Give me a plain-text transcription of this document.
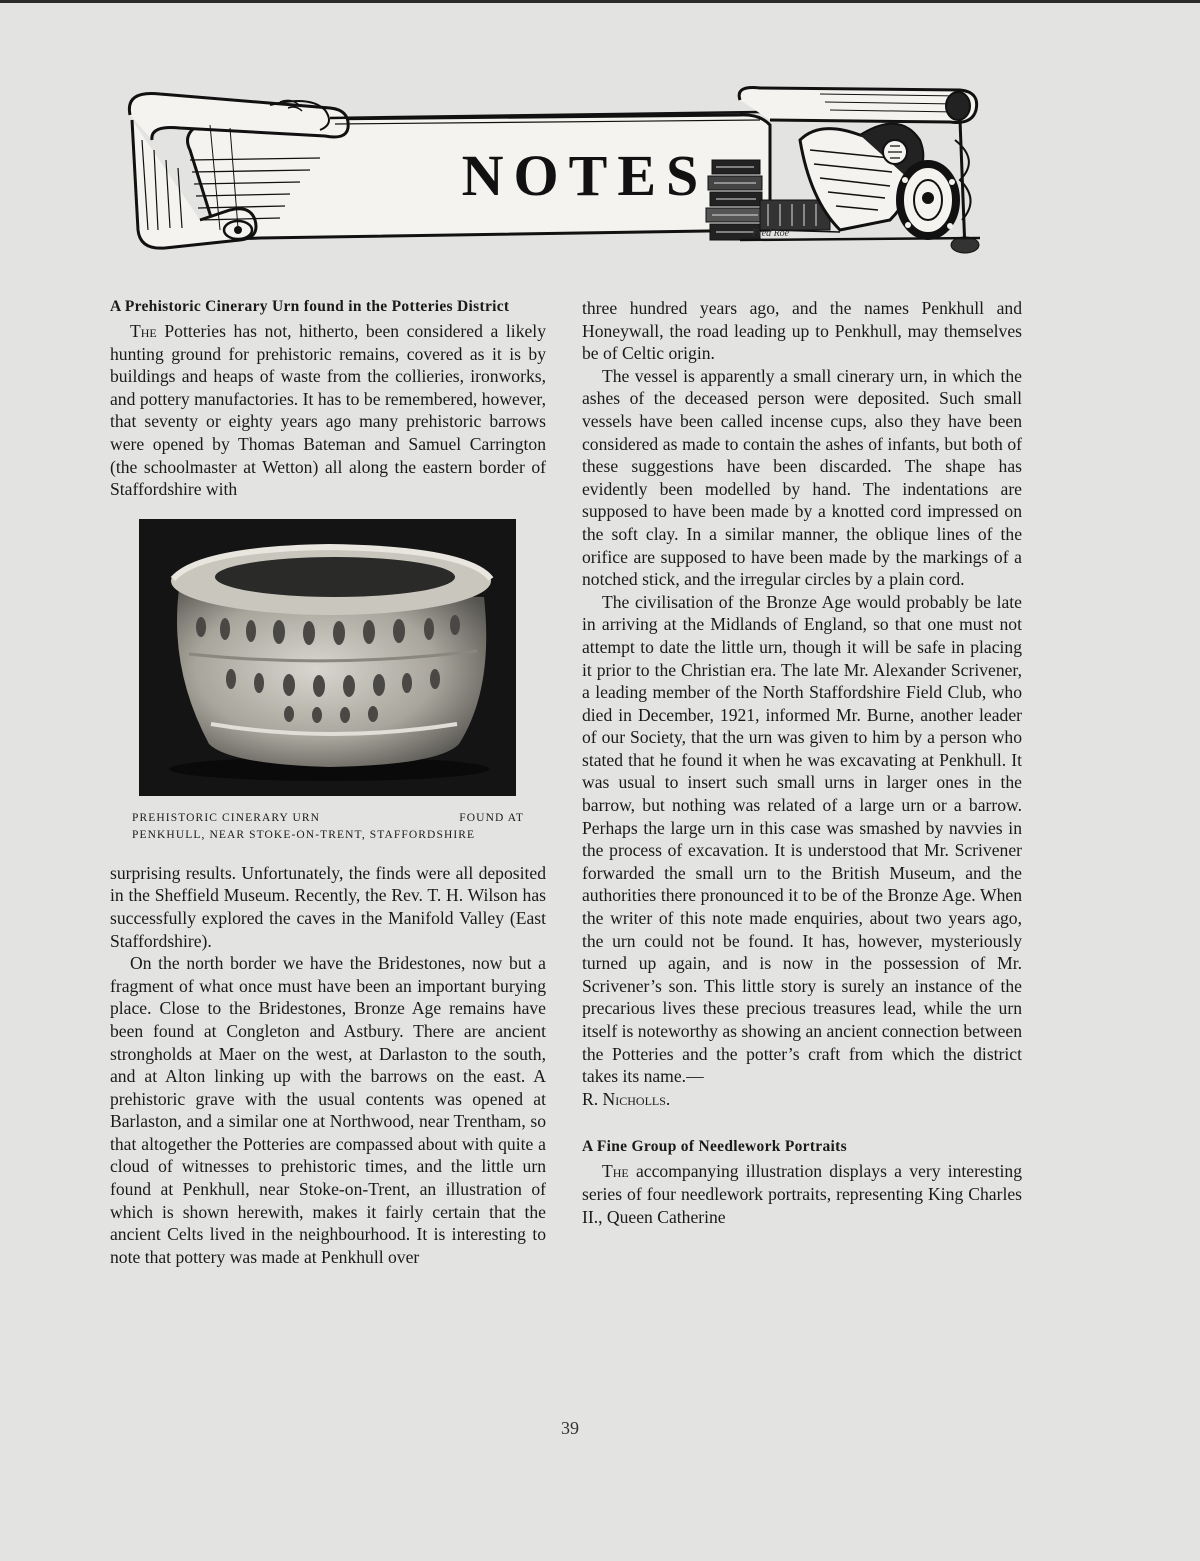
NOTES
Fred Roe
A Prehistoric Cinerary Urn found in the Potteries District

The Potteries has not, hitherto, been considered a likely hunting ground for prehistoric remains, covered as it is by buildings and heaps of waste from the collieries, ironworks, and pottery manufactories. It has to be remembered, however, that seventy or eighty years ago many prehistoric barrows were opened by Thomas Bateman and Samuel Carrington (the schoolmaster at Wetton) all along the eastern border of Staffordshire with

PREHISTORIC CINERARY URN	FOUND AT
PENKHULL, NEAR STOKE-ON-TRENT, STAFFORDSHIRE

surprising results. Unfortunately, the finds were all deposited in the Sheffield Museum. Recently, the Rev. T. H. Wilson has successfully explored the caves in the Manifold Valley (East Staffordshire).

On the north border we have the Bridestones, now but a fragment of what once must have been an important burying place. Close to the Bridestones, Bronze Age remains have been found at Congleton and Astbury. There are ancient strongholds at Maer on the west, at Darlaston to the south, and at Alton linking up with the barrows on the east. A prehistoric grave with the usual contents was opened at Barlaston, and a similar one at Northwood, near Trentham, so that altogether the Potteries are compassed about with quite a cloud of witnesses to prehistoric times, and the little urn found at Penkhull, near Stoke-on-Trent, an illustration of which is shown herewith, makes it fairly certain that the ancient Celts lived in the neighbourhood. It is interesting to note that pottery was made at Penkhull over

three hundred years ago, and the names Penkhull and Honeywall, the road leading up to Penkhull, may themselves be of Celtic origin.

The vessel is apparently a small cinerary urn, in which the ashes of the deceased person were deposited. Such small vessels have been called incense cups, also they have been considered as made to contain the ashes of infants, but both of these suggestions have been discarded. The shape has evidently been modelled by hand. The indentations are supposed to have been made by a knotted cord impressed on the soft clay. In a similar manner, the oblique lines of the orifice are supposed to have been made by the markings of a notched stick, and the irregular circles by a plain cord.

The civilisation of the Bronze Age would probably be late in arriving at the Midlands of England, so that one must not attempt to date the little urn, though it will be safe in placing it prior to the Christian era. The late Mr. Alexander Scrivener, a leading member of the North Staffordshire Field Club, who died in December, 1921, informed Mr. Burne, another leader of our Society, that the urn was given to him by a person who stated that he found it when he was excavating at Penkhull. It was usual to insert such small urns in larger ones in the barrow, but nothing was related of a large urn or a barrow. Perhaps the large urn in this case was smashed by navvies in the process of excavation. It is understood that Mr. Scrivener forwarded the small urn to the British Museum, and the authorities there pronounced it to be of the Bronze Age. When the writer of this note made enquiries, about two years ago, the urn could not be found. It has, however, mysteriously turned up again, and is now in the possession of Mr. Scrivener’s son. This little story is surely an instance of the precarious lives these precious treasures lead, while the urn itself is noteworthy as showing an ancient connection between the Potteries and the potter’s craft from which the district takes its name.—

R. Nicholls.

A Fine Group of Needlework Portraits

The accompanying illustration displays a very interesting series of four needlework portraits, representing King Charles II., Queen Catherine

39
